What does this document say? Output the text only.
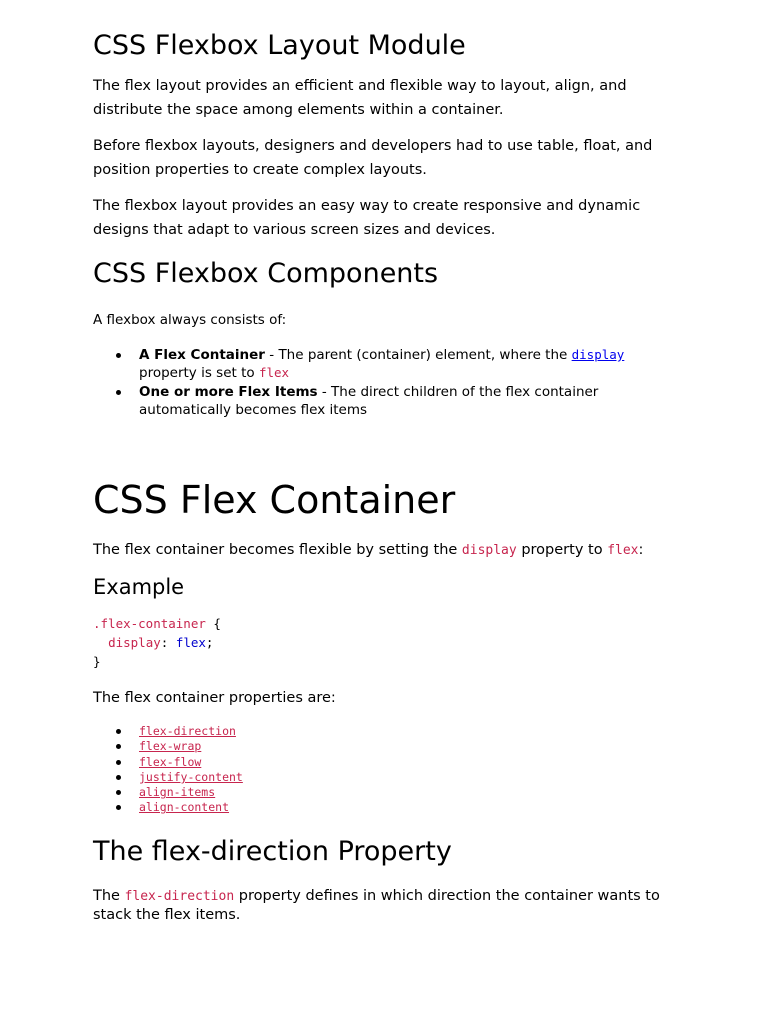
CSS Flexbox Layout Module

The flex layout provides an efficient and flexible way to layout, align, and distribute the space among elements within a container.

Before flexbox layouts, designers and developers had to use table, float, and position properties to create complex layouts.

The flexbox layout provides an easy way to create responsive and dynamic designs that adapt to various screen sizes and devices.

CSS Flexbox Components

A flexbox always consists of:

A Flex Container - The parent (container) element, where the display property is set to flex
One or more Flex Items - The direct children of the flex container automatically becomes flex items
CSS Flex Container

The flex container becomes flexible by setting the display property to flex:

Example
.flex-container {
display: flex;
}

The flex container properties are:

flex-direction
flex-wrap
flex-flow
justify-content
align-items
align-content
The flex-direction Property

The flex-direction property defines in which direction the container wants to stack the flex items.
